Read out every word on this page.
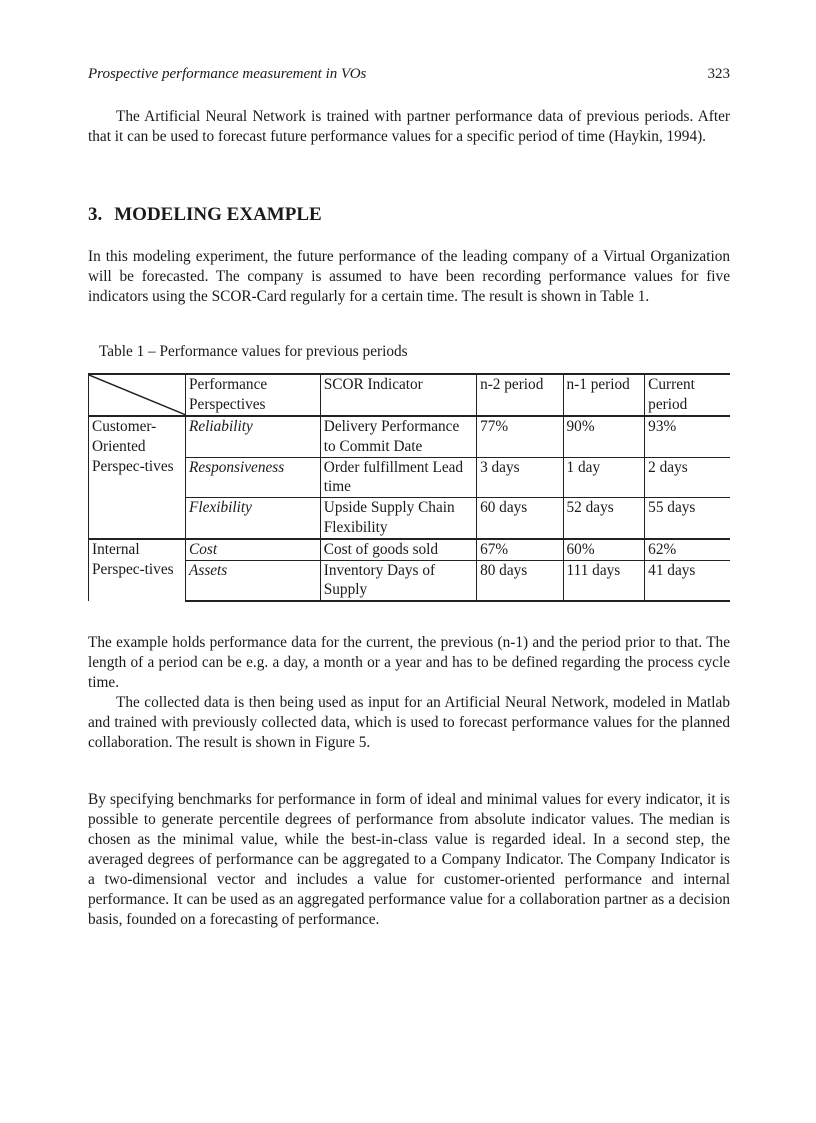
Prospective performance measurement in VOs	323

The Artificial Neural Network is trained with partner performance data of previous periods. After that it can be used to forecast future performance values for a specific period of time (Haykin, 1994).

3. MODELING EXAMPLE

In this modeling experiment, the future performance of the leading company of a Virtual Organization will be forecasted. The company is assumed to have been recording performance values for five indicators using the SCOR-Card regularly for a certain time. The result is shown in Table 1.

Table 1 – Performance values for previous periods
	Performance Perspectives	SCOR Indicator	n-2 period	n-1 period	Current period
Customer-Oriented Perspec-tives	Reliability	Delivery Performance to Commit Date	77%	90%	93%
	Responsiveness	Order fulfillment Lead time	3 days	1 day	2 days
	Flexibility	Upside Supply Chain Flexibility	60 days	52 days	55 days
Internal Perspec-tives	Cost	Cost of goods sold	67%	60%	62%
	Assets	Inventory Days of Supply	80 days	111 days	41 days

The example holds performance data for the current, the previous (n-1) and the period prior to that. The length of a period can be e.g. a day, a month or a year and has to be defined regarding the process cycle time.

The collected data is then being used as input for an Artificial Neural Network, modeled in Matlab and trained with previously collected data, which is used to forecast performance values for the planned collaboration. The result is shown in Figure 5.

By specifying benchmarks for performance in form of ideal and minimal values for every indicator, it is possible to generate percentile degrees of performance from absolute indicator values. The median is chosen as the minimal value, while the best-in-class value is regarded ideal. In a second step, the averaged degrees of performance can be aggregated to a Company Indicator. The Company Indicator is a two-dimensional vector and includes a value for customer-oriented performance and internal performance. It can be used as an aggregated performance value for a collaboration partner as a decision basis, founded on a forecasting of performance.
